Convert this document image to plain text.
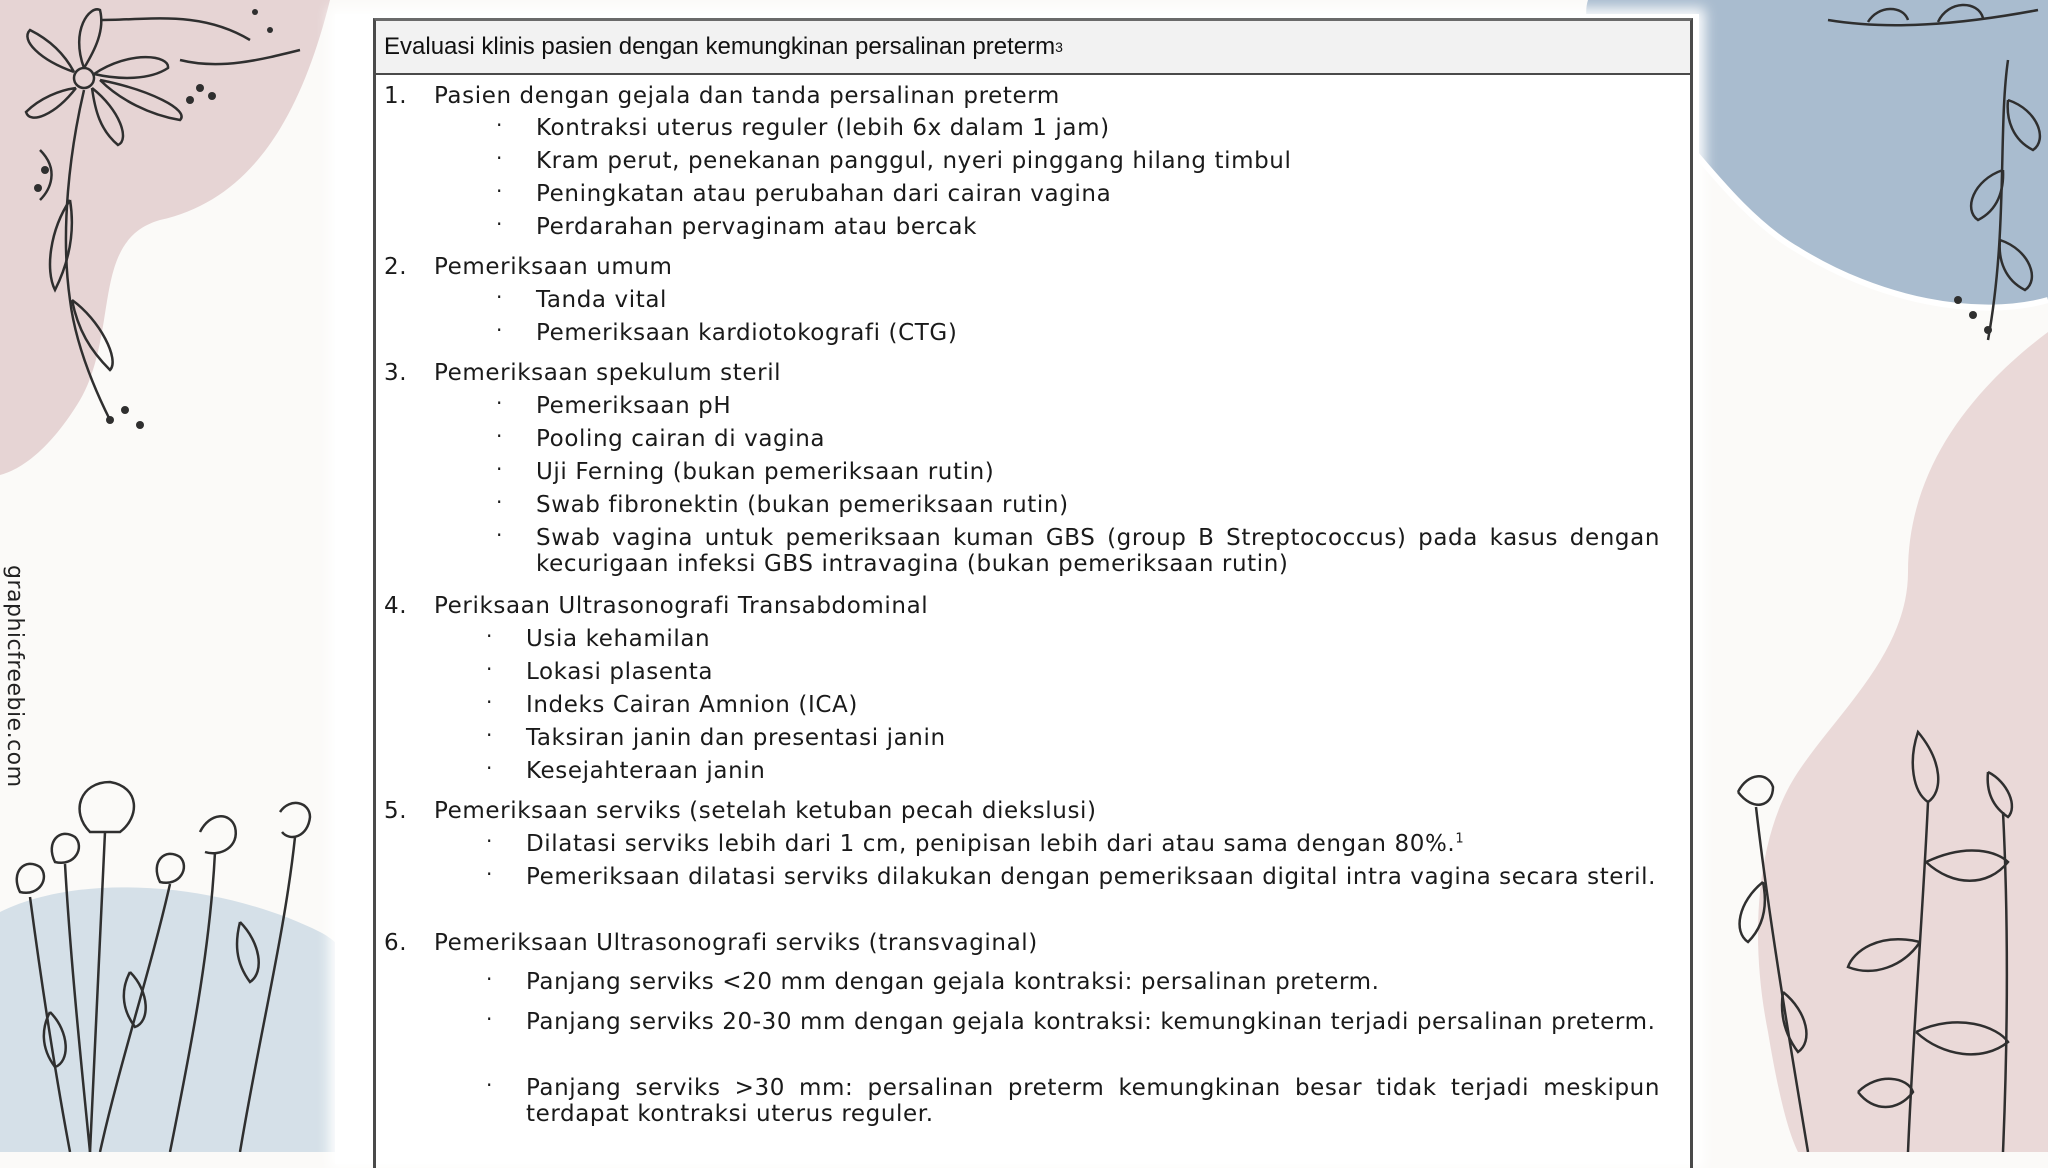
graphicfreebie.com
Evaluasi klinis pasien dengan kemungkinan persalinan preterm 3
1.	Pasien dengan gejala dan tanda persalinan preterm
· Kontraksi uterus reguler (lebih 6x dalam 1 jam)
· Kram perut, penekanan panggul, nyeri pinggang hilang timbul
· Peningkatan atau perubahan dari cairan vagina
· Perdarahan pervaginam atau bercak
2.	Pemeriksaan umum
· Tanda vital
· Pemeriksaan kardiotokografi (CTG)
3.	Pemeriksaan spekulum steril
· Pemeriksaan pH
· Pooling cairan di vagina
· Uji Ferning (bukan pemeriksaan rutin)
· Swab fibronektin (bukan pemeriksaan rutin)
· Swab vagina untuk pemeriksaan kuman GBS (group B Streptococcus) pada kasus dengan kecurigaan infeksi GBS intravagina (bukan pemeriksaan rutin)
4.	Periksaan Ultrasonografi Transabdominal
· Usia kehamilan
· Lokasi plasenta
· Indeks Cairan Amnion (ICA)
· Taksiran janin dan presentasi janin
· Kesejahteraan janin
5.	Pemeriksaan serviks (setelah ketuban pecah diekslusi)
· Dilatasi serviks lebih dari 1 cm, penipisan lebih dari atau sama dengan 80%.$^1$
· Pemeriksaan dilatasi serviks dilakukan dengan pemeriksaan digital intra vagina secara steril.
6.	Pemeriksaan Ultrasonografi serviks (transvaginal)
· Panjang serviks <20 mm dengan gejala kontraksi: persalinan preterm.
· Panjang serviks 20-30 mm dengan gejala kontraksi: kemungkinan terjadi persalinan preterm.
· Panjang serviks >30 mm: persalinan preterm kemungkinan besar tidak terjadi meskipun terdapat kontraksi uterus reguler.
